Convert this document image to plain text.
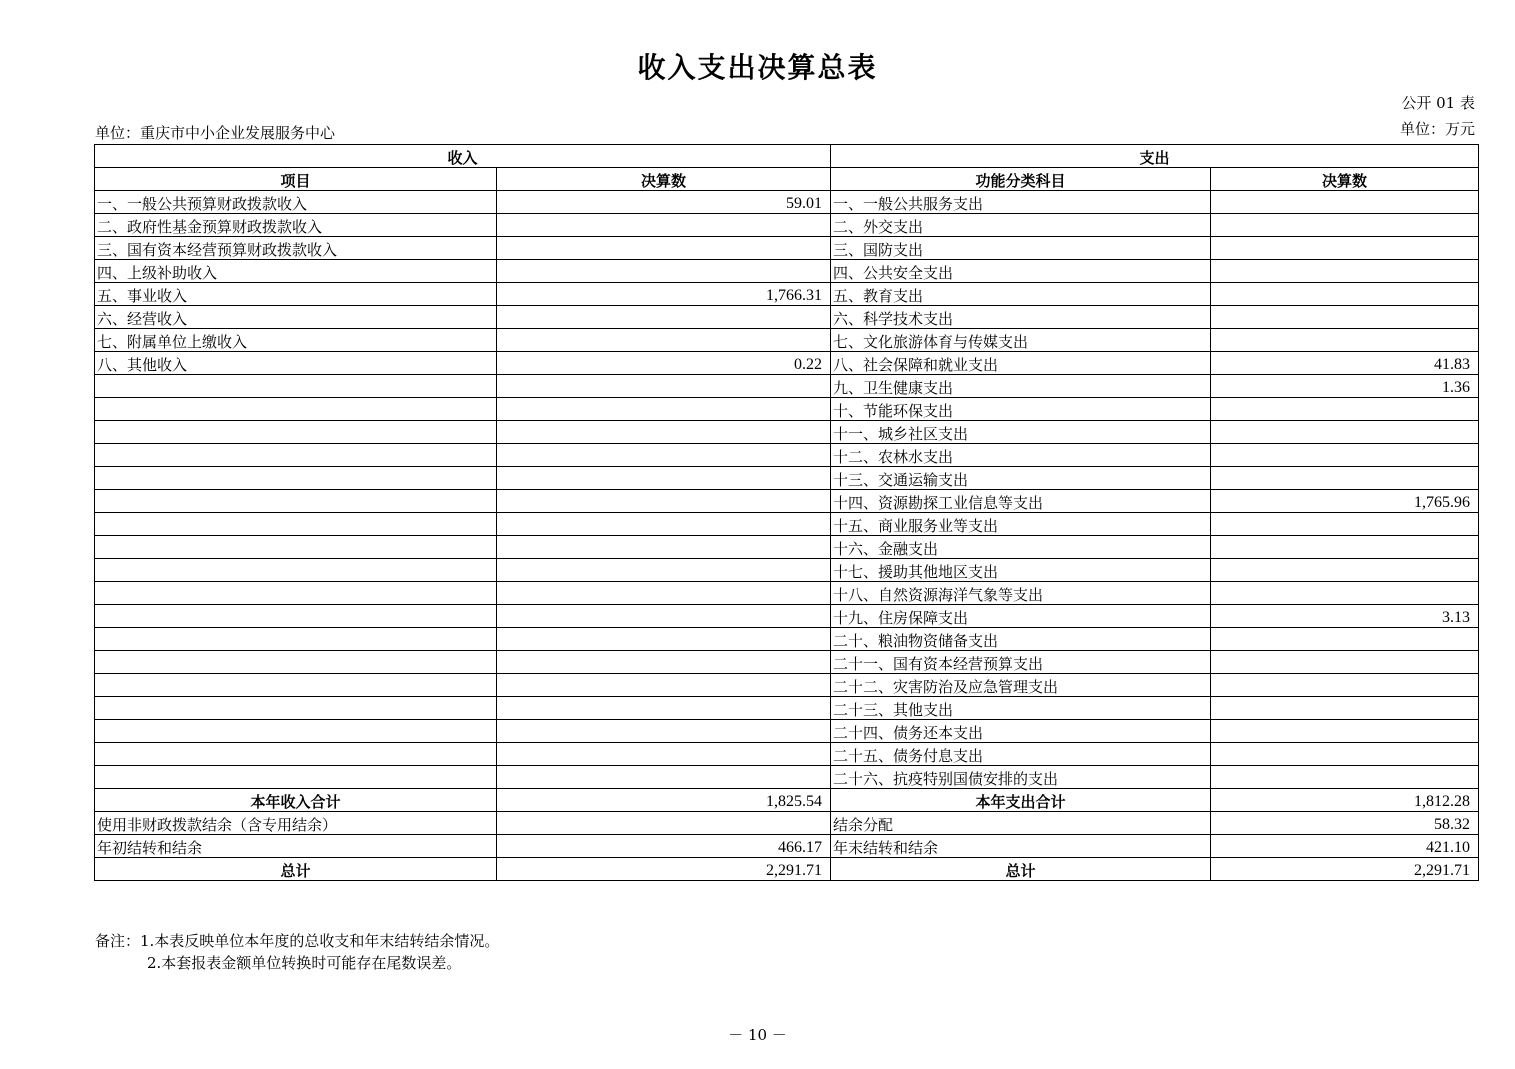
收入支出决算总表
公开 01 表
单位：重庆市中小企业发展服务中心	单位：万元
收入		支出	
项目	决算数	功能分类科目	决算数
一、一般公共预算财政拨款收入	59.01	一、一般公共服务支出	
二、政府性基金预算财政拨款收入		二、外交支出	
三、国有资本经营预算财政拨款收入		三、国防支出	
四、上级补助收入		四、公共安全支出	
五、事业收入	1,766.31	五、教育支出	
六、经营收入		六、科学技术支出	
七、附属单位上缴收入		七、文化旅游体育与传媒支出	
八、其他收入	0.22	八、社会保障和就业支出	41.83
		九、卫生健康支出	1.36
		十、节能环保支出	
		十一、城乡社区支出	
		十二、农林水支出	
		十三、交通运输支出	
		十四、资源勘探工业信息等支出	1,765.96
		十五、商业服务业等支出	
		十六、金融支出	
		十七、援助其他地区支出	
		十八、自然资源海洋气象等支出	
		十九、住房保障支出	3.13
		二十、粮油物资储备支出	
		二十一、国有资本经营预算支出	
		二十二、灾害防治及应急管理支出	
		二十三、其他支出	
		二十四、债务还本支出	
		二十五、债务付息支出	
		二十六、抗疫特别国债安排的支出	
本年收入合计	1,825.54	本年支出合计	1,812.28
使用非财政拨款结余（含专用结余）		结余分配	58.32
年初结转和结余	466.17	年末结转和结余	421.10
总计	2,291.71	总计	2,291.71
备注：1.本表反映单位本年度的总收支和年末结转结余情况。
2.本套报表金额单位转换时可能存在尾数误差。
－ 10 －
